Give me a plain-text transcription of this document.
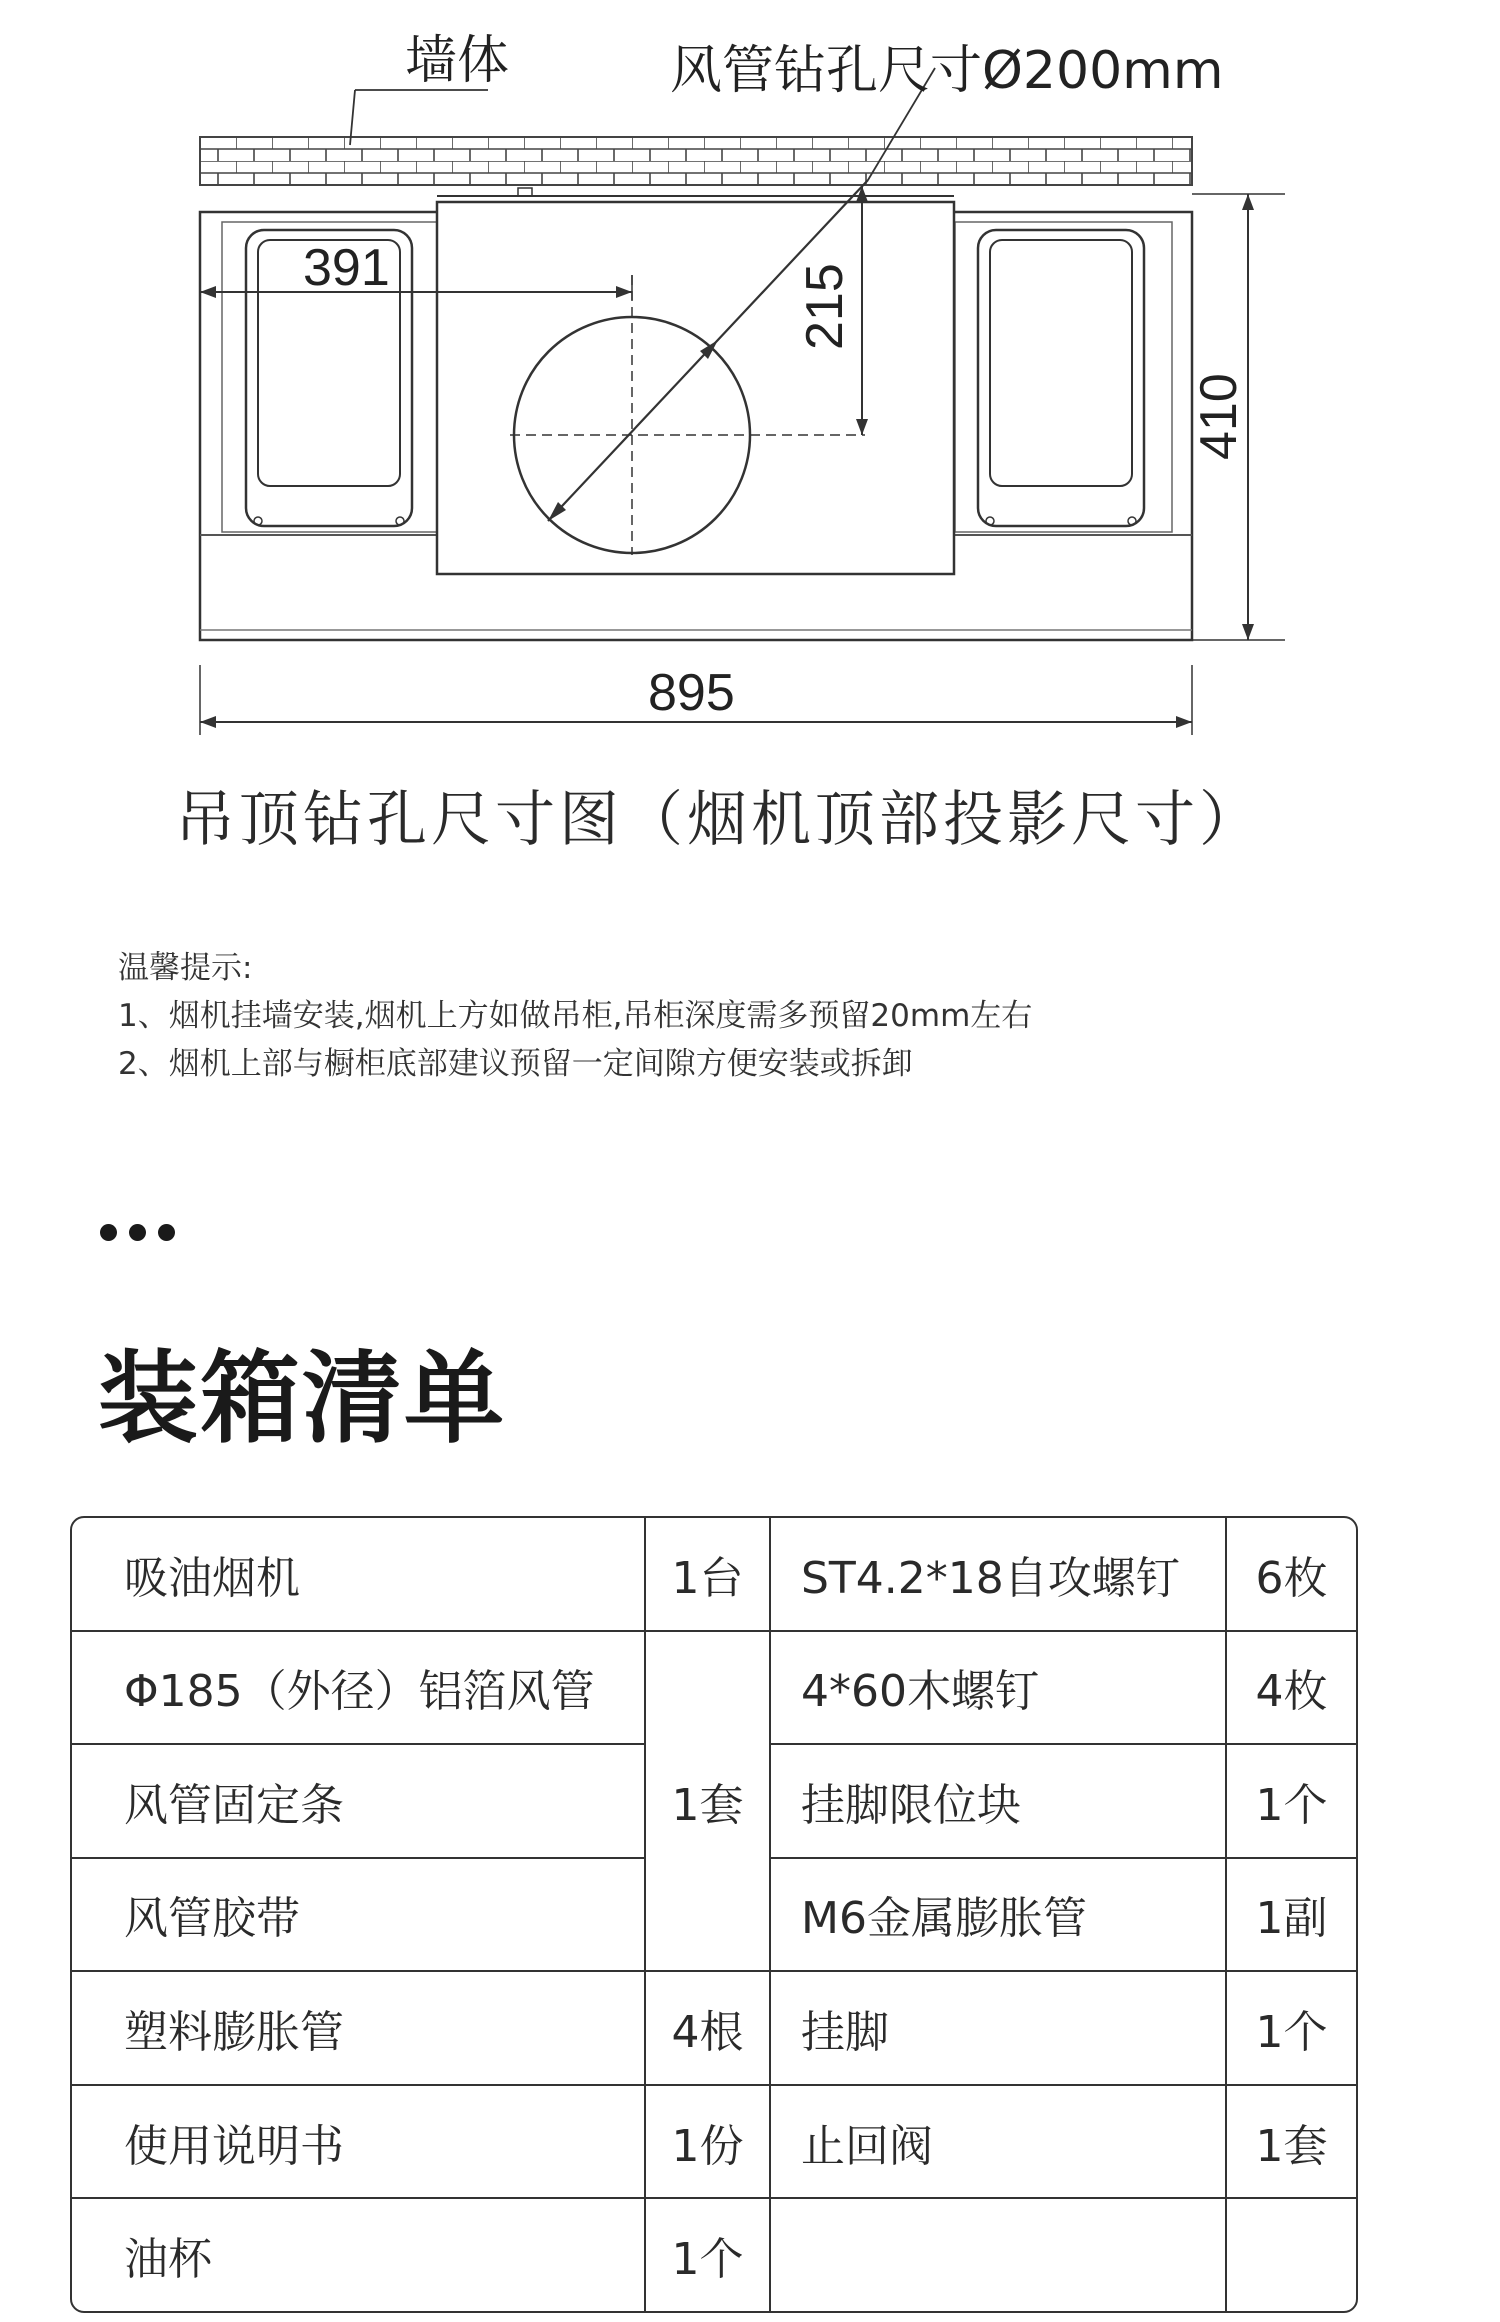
墙体	风管钻孔尺寸Ø200mm
391	215
410
895
吊顶钻孔尺寸图（烟机顶部投影尺寸）
温馨提示:
1、烟机挂墙安装,烟机上方如做吊柜,吊柜深度需多预留20mm左右
2、烟机上部与橱柜底部建议预留一定间隙方便安装或拆卸
装箱清单
吸油烟机	1台	ST4.2*18自攻螺钉	6枚
Φ185（外径）铝箔风管	1套	4*60木螺钉	4枚
风管固定条		挂脚限位块	1个
风管胶带		M6金属膨胀管	1副
塑料膨胀管	4根	挂脚	1个
使用说明书	1份	止回阀	1套
油杯	1个		
